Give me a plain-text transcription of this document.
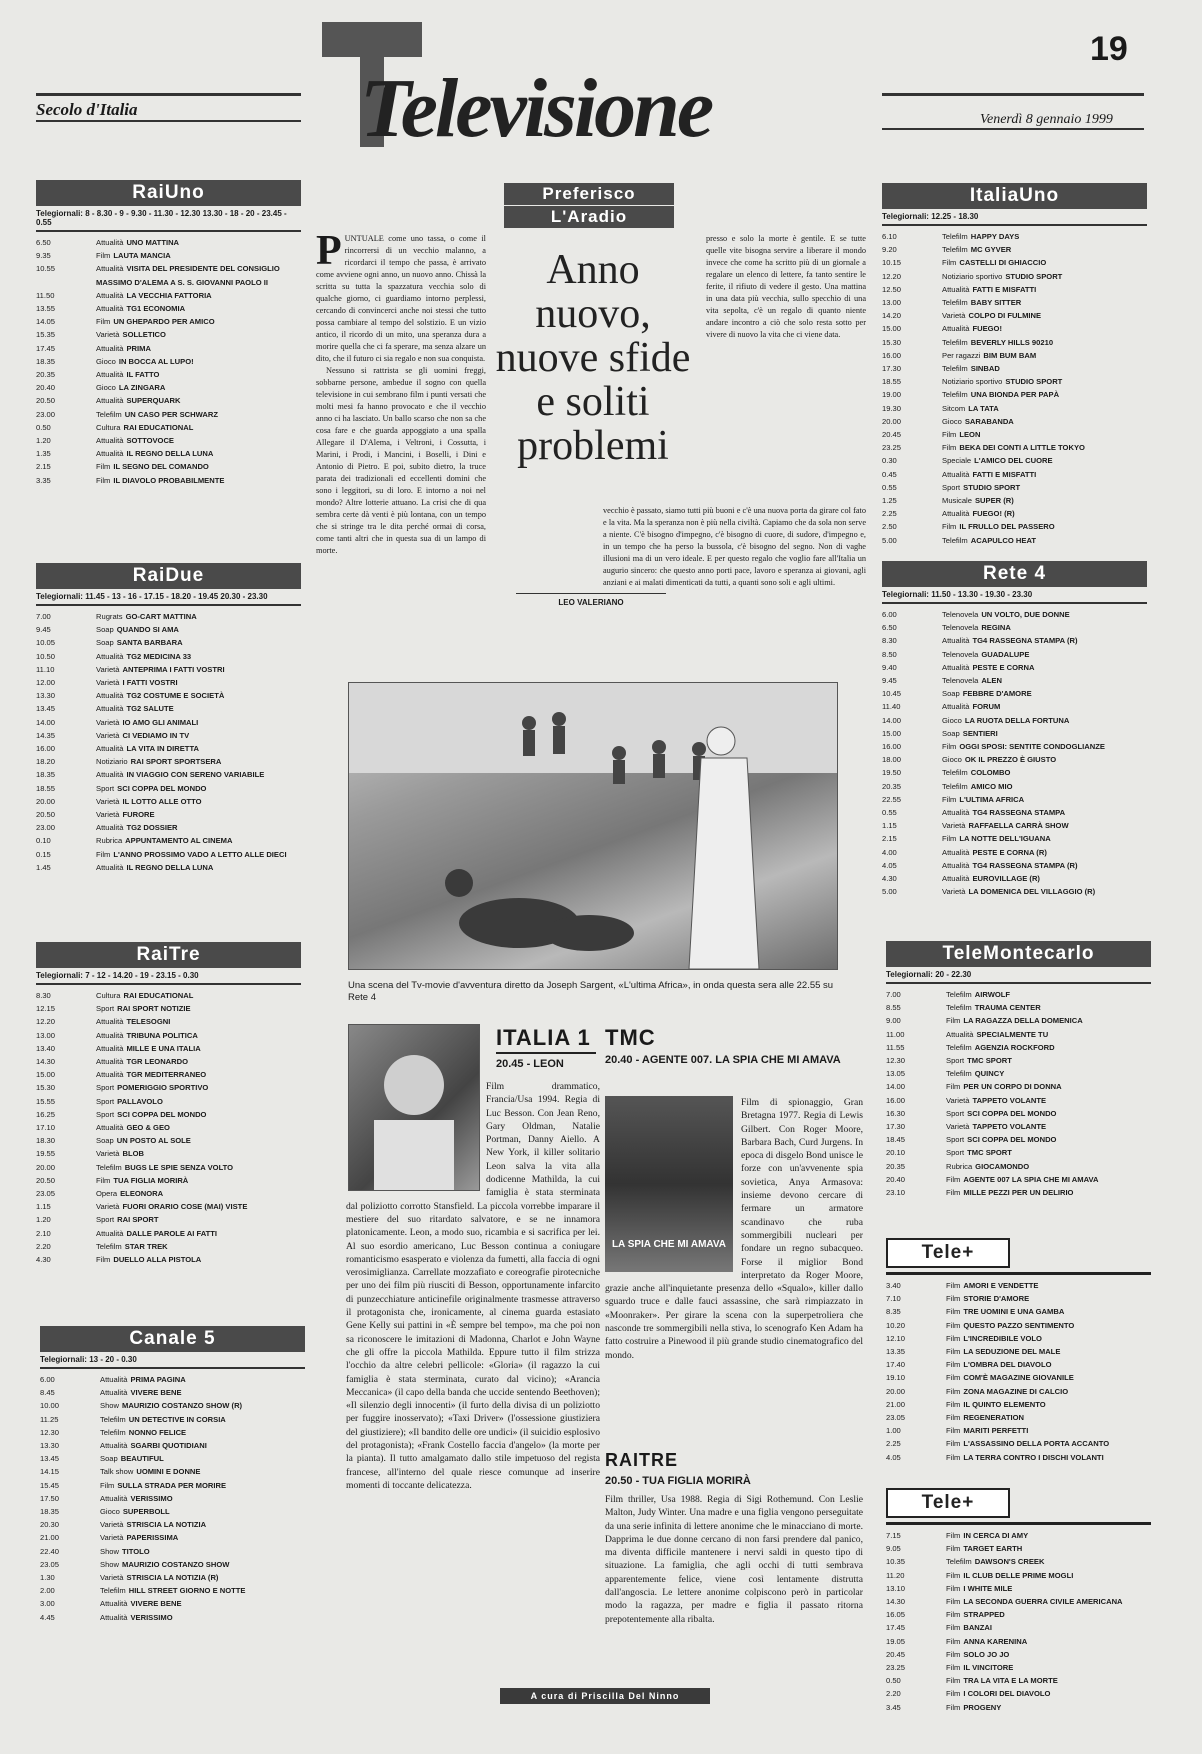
19
Secolo d'Italia	Televisione	Venerdì 8 gennaio 1999
RaiUno
Telegiornali: 8 - 8.30 - 9 - 9.30 - 11.30 - 12.30 13.30 - 18 - 20 - 23.45 - 0.55
6.50	Attualità UNO MATTINA
9.35	Film LAUTA MANCIA
10.55	Attualità VISITA DEL PRESIDENTE DEL CONSIGLIO MASSIMO D'ALEMA A S. S. GIOVANNI PAOLO II
11.50	Attualità LA VECCHIA FATTORIA
13.55	Attualità TG1 ECONOMIA
14.05	Film UN GHEPARDO PER AMICO
15.35	Varietà SOLLETICO
17.45	Attualità PRIMA
18.35	Gioco IN BOCCA AL LUPO!
20.35	Attualità IL FATTO
20.40	Gioco LA ZINGARA
20.50	Attualità SUPERQUARK
23.00	Telefilm UN CASO PER SCHWARZ
0.50	Cultura RAI EDUCATIONAL
1.20	Attualità SOTTOVOCE
1.35	Attualità IL REGNO DELLA LUNA
2.15	Film IL SEGNO DEL COMANDO
3.35	Film IL DIAVOLO PROBABILMENTE
RaiDue
Telegiornali: 11.45 - 13 - 16 - 17.15 - 18.20 - 19.45 20.30 - 23.30
7.00	Rugrats GO-CART MATTINA
9.45	Soap QUANDO SI AMA
10.05	Soap SANTA BARBARA
10.50	Attualità TG2 MEDICINA 33
11.10	Varietà ANTEPRIMA I FATTI VOSTRI
12.00	Varietà I FATTI VOSTRI
13.30	Attualità TG2 COSTUME E SOCIETÀ
13.45	Attualità TG2 SALUTE
14.00	Varietà IO AMO GLI ANIMALI
14.35	Varietà CI VEDIAMO IN TV
16.00	Attualità LA VITA IN DIRETTA
18.20	Notiziario RAI SPORT SPORTSERA
18.35	Attualità IN VIAGGIO CON SERENO VARIABILE
18.55	Sport SCI COPPA DEL MONDO
20.00	Varietà IL LOTTO ALLE OTTO
20.50	Varietà FURORE
23.00	Attualità TG2 DOSSIER
0.10	Rubrica APPUNTAMENTO AL CINEMA
0.15	Film L'ANNO PROSSIMO VADO A LETTO ALLE DIECI
1.45	Attualità IL REGNO DELLA LUNA
RaiTre
Telegiornali: 7 - 12 - 14.20 - 19 - 23.15 - 0.30
8.30	Cultura RAI EDUCATIONAL
12.15	Sport RAI SPORT NOTIZIE
12.20	Attualità TELESOGNI
13.00	Attualità TRIBUNA POLITICA
13.40	Attualità MILLE E UNA ITALIA
14.30	Attualità TGR LEONARDO
15.00	Attualità TGR MEDITERRANEO
15.30	Sport POMERIGGIO SPORTIVO
15.55	Sport PALLAVOLO
16.25	Sport SCI COPPA DEL MONDO
17.10	Attualità GEO & GEO
18.30	Soap UN POSTO AL SOLE
19.55	Varietà BLOB
20.00	Telefilm BUGS LE SPIE SENZA VOLTO
20.50	Film TUA FIGLIA MORIRÀ
23.05	Opera ELEONORA
1.15	Varietà FUORI ORARIO COSE (MAI) VISTE
1.20	Sport RAI SPORT
2.10	Attualità DALLE PAROLE AI FATTI
2.20	Telefilm STAR TREK
4.30	Film DUELLO ALLA PISTOLA
Canale 5
Telegiornali: 13 - 20 - 0.30
6.00	Attualità PRIMA PAGINA
8.45	Attualità VIVERE BENE
10.00	Show MAURIZIO COSTANZO SHOW (R)
11.25	Telefilm UN DETECTIVE IN CORSIA
12.30	Telefilm NONNO FELICE
13.30	Attualità SGARBI QUOTIDIANI
13.45	Soap BEAUTIFUL
14.15	Talk show UOMINI E DONNE
15.45	Film SULLA STRADA PER MORIRE
17.50	Attualità VERISSIMO
18.35	Gioco SUPERBOLL
20.30	Varietà STRISCIA LA NOTIZIA
21.00	Varietà PAPERISSIMA
22.40	Show TITOLO
23.05	Show MAURIZIO COSTANZO SHOW
1.30	Varietà STRISCIA LA NOTIZIA (R)
2.00	Telefilm HILL STREET GIORNO E NOTTE
3.00	Attualità VIVERE BENE
4.45	Attualità VERISSIMO
Preferisco
L'Aradio
P UNTUALE come uno tassa, o come il rincorrersi di un vecchio malanno, a ricordarci il tempo che passa, è arrivato come avviene ogni anno, un nuovo anno. Chissà la scritta su tutta la spazzatura vecchia solo di qualche giorno, ci guardiamo intorno perplessi, cercando di convincerci anche noi stessi che tutto possa cambiare al tempo del solstizio. E un vizio antico, il ricordo di un mito, una speranza dura a morire quella che ci fa sperare, ma senza alzare un dito, che il futuro ci sia regalo e non sua conquista.
Nessuno si rattrista se gli uomini freggi, sobbarne persone, ambedue il sogno con quella televisione in cui sembrano film i punti versati che molti mesi fa hanno provocato e che il vecchio anno ci ha lasciato. Un ballo scarso che non sa che cosa fare e che guarda appoggiato a una spalla Allegare il D'Alema, i Veltroni, i Cossutta, i Marini, i Prodi, i Mancini, i Boselli, i Dini e Antonio di Pietro. E poi, subito dietro, la truce parata dei tradizionali ed eccellenti domini che sono i leggitori, su di loro. E intorno a noi nel mondo? Altre lotterie attuano. La crisi che di qua sembra certe dà venti è più lontana, con un tempo che si stringe tra le dita perché ormai di corsa, come tanti altri che in questa sua di un lampo di morte.
Anno nuovo, nuove sfide e soliti problemi
LEO VALERIANO
presso e solo la morte è gentile. E se tutte quelle vite bisogna servire a liberare il mondo invece che come ha scritto più di un giornale a regalare un elenco di lettere, fa tanto sentire le ferite, il rifiuto di vedere il gesto. Una mattina in una data più vecchia, sullo specchio di una vita sepolta, c'è un regalo di quanto niente andare incontro a ciò che solo resta sotto per vivere di nuovo la vita che ci viene data.
vecchio è passato, siamo tutti più buoni e c'è una nuova porta da girare col fato e la vita. Ma la speranza non è più nella civiltà. Capiamo che da sola non serve a niente. C'è bisogno d'impegno, c'è bisogno di cuore, di sudore, d'impegno e, in un tempo che ha perso la bussola, c'è bisogno del segno. Non di vaghe illusioni ma di un vero ideale. E per questo regalo che voglio fare all'Italia un augurio sincero: che questo anno porti pace, lavoro e speranza ai giovani, agli anziani e ai malati dimenticati da tutti, a quanti sono soli e agli ultimi.
Una scena del Tv-movie d'avventura diretto da Joseph Sargent, «L'ultima Africa», in onda questa sera alle 22.55 su Rete 4
ITALIA 1
20.45 - LEON
Film drammatico, Francia/Usa 1994. Regia di Luc Besson. Con Jean Reno, Gary Oldman, Natalie Portman, Danny Aiello. A New York, il killer solitario Leon salva la vita alla dodicenne Mathilda, la cui famiglia è stata sterminata dal poliziotto corrotto Stansfield. La piccola vorrebbe imparare il mestiere del suo ritardato salvatore, e se ne innamora platonicamente. Leon, a modo suo, ricambia e si sacrifica per lei. Al suo esordio americano, Luc Besson continua a coniugare romanticismo esasperato e violenza da fumetti, alla faccia di ogni verosimiglianza. Carrellate mozzafiato e coreografie pirotecniche per uno dei film più riusciti di Besson, opportunamente infarcito di punzecchiature anticinefile originalmente trasmesse attraverso il protagonista che, ironicamente, al cinema guarda estasiato Gene Kelly sui pattini in «È sempre bel tempo», ma che poi non sa riconoscere le imitazioni di Madonna, Charlot e John Wayne che gli offre la piccola Mathilda. Eppure tutto il film strizza l'occhio da altre celebri pellicole: «Gloria» (il ragazzo la cui famiglia è stata sterminata, curato dal vicino); «Arancia Meccanica» (il capo della banda che uccide sentendo Beethoven); «Il silenzio degli innocenti» (il furto della divisa di un poliziotto per fuggire inosservato); «Taxi Driver» (l'ossessione giustiziera del giustiziere); «Il bandito delle ore undici» (il suicidio esplosivo del protagonista); «Frank Costello faccia d'angelo» (la morte per la pianta). Il tutto amalgamato dallo stile impetuoso del regista francese, all'interno del quale riesce comunque ad inserire momenti di toccante delicatezza.
TMC
20.40 - AGENTE 007. LA SPIA CHE MI AMAVA
LA SPIA CHE MI AMAVA
Film di spionaggio, Gran Bretagna 1977. Regia di Lewis Gilbert. Con Roger Moore, Barbara Bach, Curd Jurgens. In epoca di disgelo Bond unisce le forze con un'avvenente spia sovietica, Anya Armasova: insieme devono cercare di fermare un armatore scandinavo che ruba sommergibili nucleari per fondare un regno subacqueo. Forse il miglior Bond interpretato da Roger Moore, grazie anche all'inquietante presenza dello «Squalo», killer dallo sguardo truce e dalle fauci assassine, che sarà rimpiazzato in «Moonraker». Per girare la scena con la superpetroliera che nasconde tre sommergibili nella stiva, lo scenografo Ken Adam ha fatto costruire a Pinewood il più grande studio cinematografico del mondo.
RAITRE
20.50 - TUA FIGLIA MORIRÀ
Film thriller, Usa 1988. Regia di Sigi Rothemund. Con Leslie Malton, Judy Winter. Una madre e una figlia vengono perseguitate da una serie infinita di lettere anonime che le minacciano di morte. Dapprima le due donne cercano di non farsi prendere dal panico, ma diventa difficile mantenere i nervi saldi in questo tipo di situazione. La famiglia, che agli occhi di tutti sembrava apparentemente felice, viene così lentamente distrutta dall'angoscia. Le lettere anonime colpiscono però in particolar modo la ragazza, per madre e figlia il passato ritorna prepotentemente alla ribalta.
A cura di Priscilla Del Ninno
ItaliaUno
Telegiornali: 12.25 - 18.30
6.10	Telefilm HAPPY DAYS
9.20	Telefilm MC GYVER
10.15	Film CASTELLI DI GHIACCIO
12.20	Notiziario sportivo STUDIO SPORT
12.50	Attualità FATTI E MISFATTI
13.00	Telefilm BABY SITTER
14.20	Varietà COLPO DI FULMINE
15.00	Attualità FUEGO!
15.30	Telefilm BEVERLY HILLS 90210
16.00	Per ragazzi BIM BUM BAM
17.30	Telefilm SINBAD
18.55	Notiziario sportivo STUDIO SPORT
19.00	Telefilm UNA BIONDA PER PAPÀ
19.30	Sitcom LA TATA
20.00	Gioco SARABANDA
20.45	Film LEON
23.25	Film BEKA DEI CONTI A LITTLE TOKYO
0.30	Speciale L'AMICO DEL CUORE
0.45	Attualità FATTI E MISFATTI
0.55	Sport STUDIO SPORT
1.25	Musicale SUPER (R)
2.25	Attualità FUEGO! (R)
2.50	Film IL FRULLO DEL PASSERO
5.00	Telefilm ACAPULCO HEAT
Rete 4
Telegiornali: 11.50 - 13.30 - 19.30 - 23.30
6.00	Telenovela UN VOLTO, DUE DONNE
6.50	Telenovela REGINA
8.30	Attualità TG4 RASSEGNA STAMPA (R)
8.50	Telenovela GUADALUPE
9.40	Attualità PESTE E CORNA
9.45	Telenovela ALEN
10.45	Soap FEBBRE D'AMORE
11.40	Attualità FORUM
14.00	Gioco LA RUOTA DELLA FORTUNA
15.00	Soap SENTIERI
16.00	Film OGGI SPOSI: SENTITE CONDOGLIANZE
18.00	Gioco OK IL PREZZO È GIUSTO
19.50	Telefilm COLOMBO
20.35	Telefilm AMICO MIO
22.55	Film L'ULTIMA AFRICA
0.55	Attualità TG4 RASSEGNA STAMPA
1.15	Varietà RAFFAELLA CARRÀ SHOW
2.15	Film LA NOTTE DELL'IGUANA
4.00	Attualità PESTE E CORNA (R)
4.05	Attualità TG4 RASSEGNA STAMPA (R)
4.30	Attualità EUROVILLAGE (R)
5.00	Varietà LA DOMENICA DEL VILLAGGIO (R)
TeleMontecarlo
Telegiornali: 20 - 22.30
7.00	Telefilm AIRWOLF
8.55	Telefilm TRAUMA CENTER
9.00	Film LA RAGAZZA DELLA DOMENICA
11.00	Attualità SPECIALMENTE TU
11.55	Telefilm AGENZIA ROCKFORD
12.30	Sport TMC SPORT
13.05	Telefilm QUINCY
14.00	Film PER UN CORPO DI DONNA
16.00	Varietà TAPPETO VOLANTE
16.30	Sport SCI COPPA DEL MONDO
17.30	Varietà TAPPETO VOLANTE
18.45	Sport SCI COPPA DEL MONDO
20.10	Sport TMC SPORT
20.35	Rubrica GIOCAMONDO
20.40	Film AGENTE 007 LA SPIA CHE MI AMAVA
23.10	Film MILLE PEZZI PER UN DELIRIO
Tele+
3.40	Film AMORI E VENDETTE
7.10	Film STORIE D'AMORE
8.35	Film TRE UOMINI E UNA GAMBA
10.20	Film QUESTO PAZZO SENTIMENTO
12.10	Film L'INCREDIBILE VOLO
13.35	Film LA SEDUZIONE DEL MALE
17.40	Film L'OMBRA DEL DIAVOLO
19.10	Film COM'È MAGAZINE GIOVANILE
20.00	Film ZONA MAGAZINE DI CALCIO
21.00	Film IL QUINTO ELEMENTO
23.05	Film REGENERATION
1.00	Film MARITI PERFETTI
2.25	Film L'ASSASSINO DELLA PORTA ACCANTO
4.05	Film LA TERRA CONTRO I DISCHI VOLANTI
Tele+
7.15	Film IN CERCA DI AMY
9.05	Film TARGET EARTH
10.35	Telefilm DAWSON'S CREEK
11.20	Film IL CLUB DELLE PRIME MOGLI
13.10	Film I WHITE MILE
14.30	Film LA SECONDA GUERRA CIVILE AMERICANA
16.05	Film STRAPPED
17.45	Film BANZAI
19.05	Film ANNA KARENINA
20.45	Film SOLO JO JO
23.25	Film IL VINCITORE
0.50	Film TRA LA VITA E LA MORTE
2.20	Film I COLORI DEL DIAVOLO
3.45	Film PROGENY
